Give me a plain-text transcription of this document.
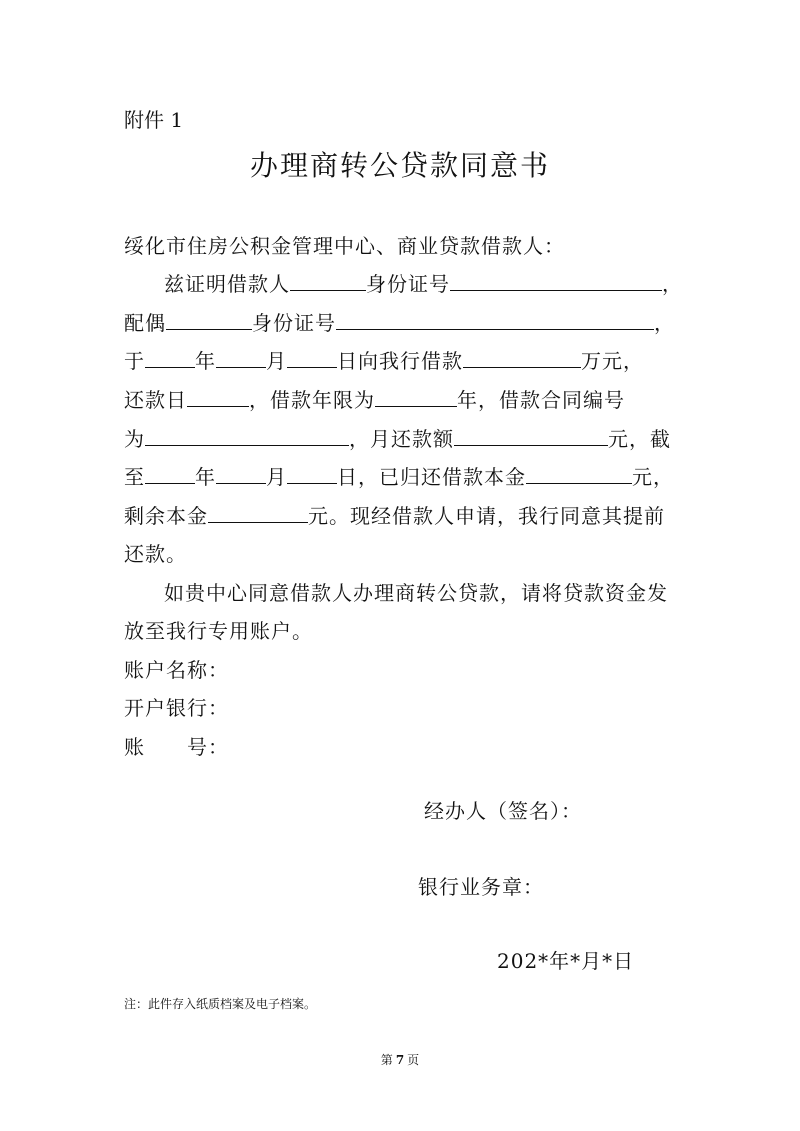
附件 1
办理商转公贷款同意书
绥化市住房公积金管理中心、商业贷款借款人：
兹证明借款人	身份证号	，
配偶	身份证号	，
于	年	月	日向我行借款	万元，
还款日	，借款年限为	年，借款合同编号
为	，月还款额	元，截
至	年	月	日，已归还借款本金	元，
剩余本金	元。现经借款人申请，我行同意其提前
还款。
如贵中心同意借款人办理商转公贷款，请将贷款资金发
放至我行专用账户。
账户名称：
开户银行：
账 号：
经办人（签名）：
银行业务章：
202*年*月*日
注：此件存入纸质档案及电子档案。
第 7 页
